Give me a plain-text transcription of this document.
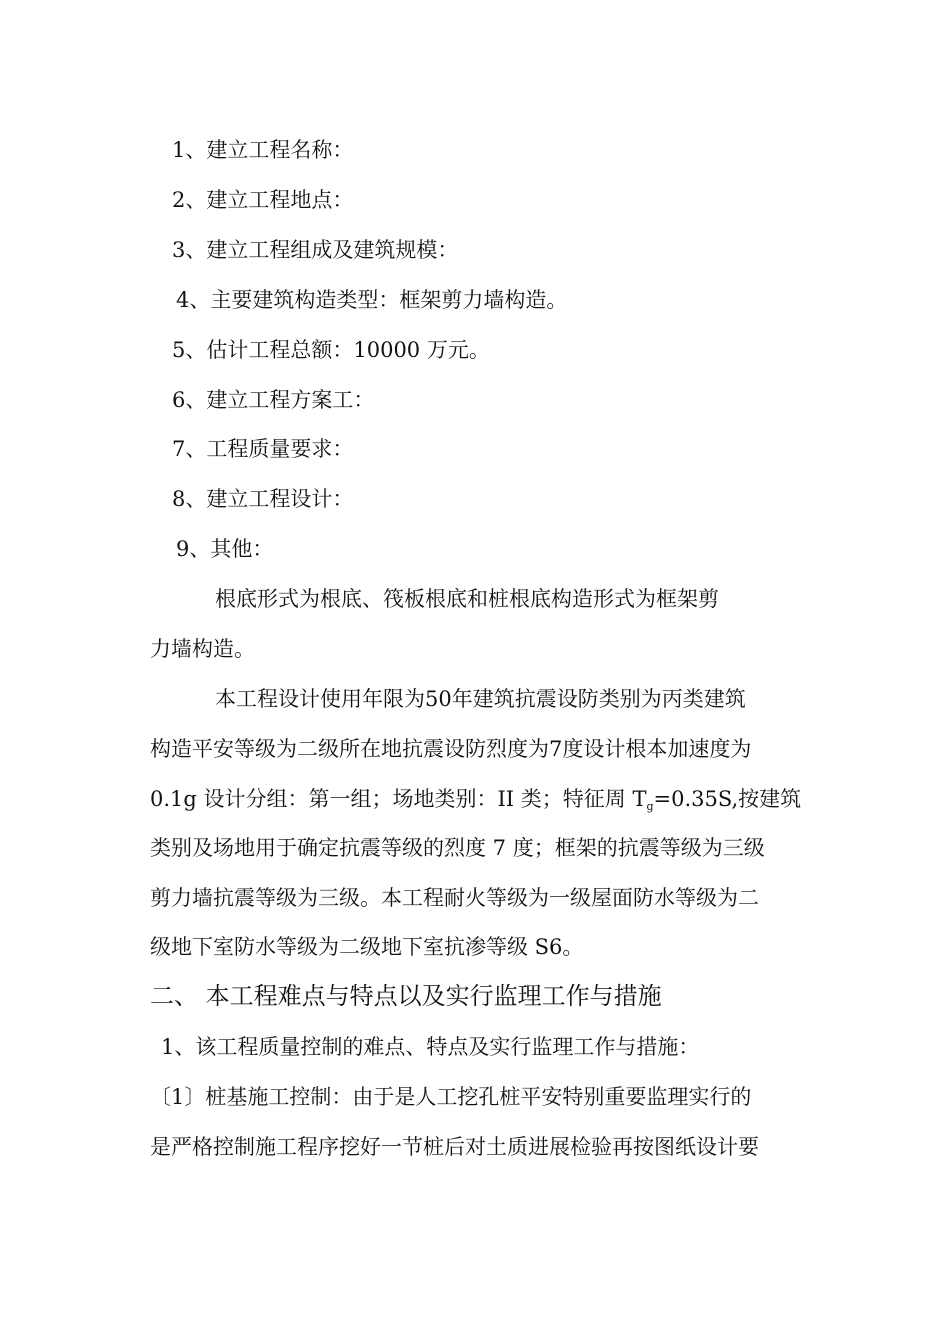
1、建立工程名称：
2、建立工程地点：
3、建立工程组成及建筑规模：
4、主要建筑构造类型：框架剪力墙构造。
5、估计工程总额：10000 万元。
6、建立工程方案工：
7、工程质量要求：
8、建立工程设计：
9、其他：
根底形式为根底、筏板根底和桩根底构造形式为框架剪
力墙构造。
本工程设计使用年限为50年建筑抗震设防类别为丙类建筑
构造平安等级为二级所在地抗震设防烈度为7度设计根本加速度为
0.1g 设计分组：第一组；场地类别：II 类；特征周 $T_g=0.35S$,按建筑
类别及场地用于确定抗震等级的烈度 7 度；框架的抗震等级为三级
剪力墙抗震等级为三级。本工程耐火等级为一级屋面防水等级为二
级地下室防水等级为二级地下室抗渗等级 S6。
二、 本工程难点与特点以及实行监理工作与措施
1、该工程质量控制的难点、特点及实行监理工作与措施：
〔1〕桩基施工控制：由于是人工挖孔桩平安特别重要监理实行的
是严格控制施工程序挖好一节桩后对土质进展检验再按图纸设计要
